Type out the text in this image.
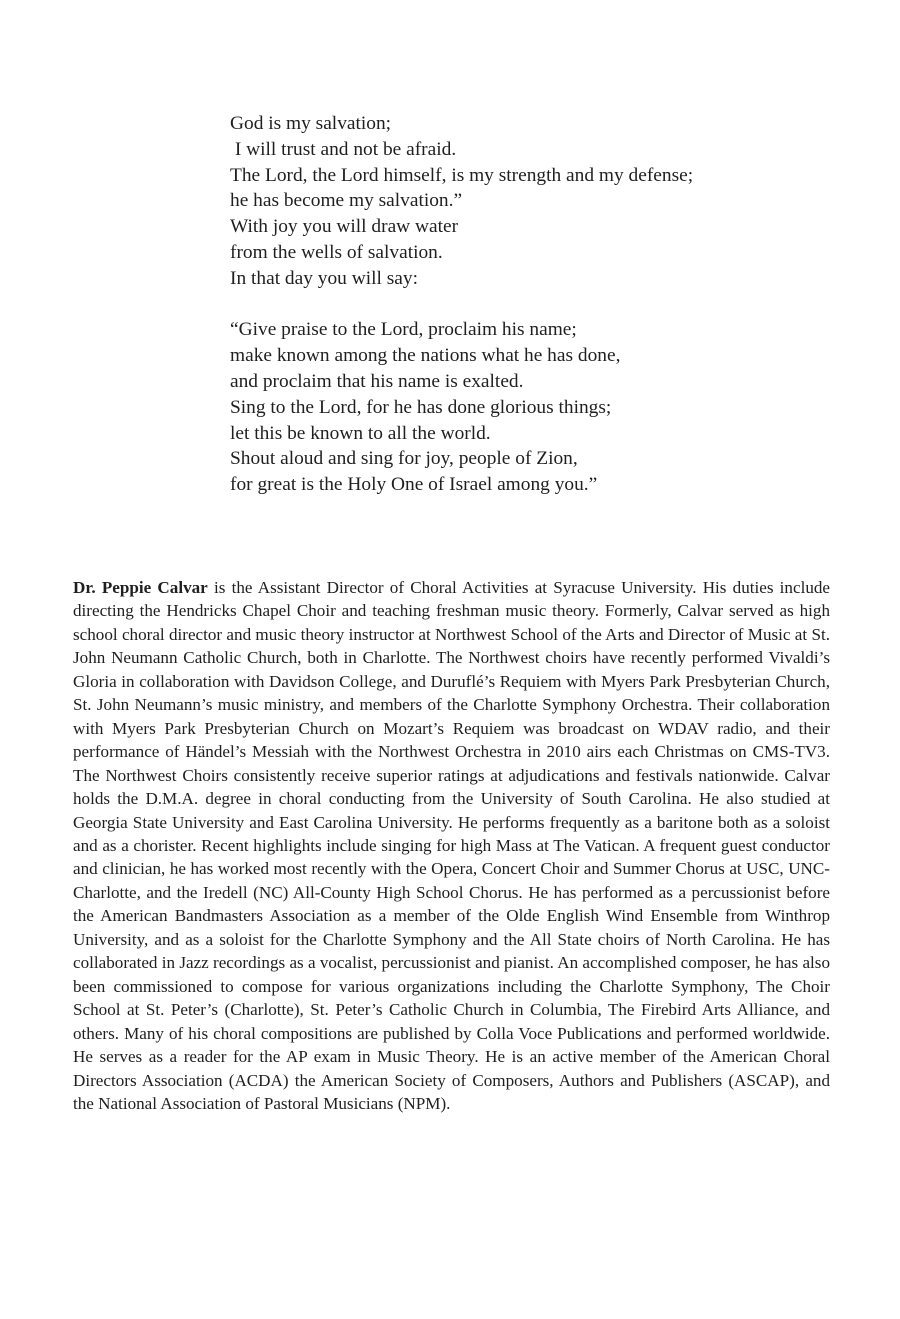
God is my salvation;
I will trust and not be afraid.
The Lord, the Lord himself, is my strength and my defense;
he has become my salvation.”
With joy you will draw water
from the wells of salvation.
In that day you will say:
“Give praise to the Lord, proclaim his name;
make known among the nations what he has done,
and proclaim that his name is exalted.
Sing to the Lord, for he has done glorious things;
let this be known to all the world.
Shout aloud and sing for joy, people of Zion,
for great is the Holy One of Israel among you.”

Dr. Peppie Calvar is the Assistant Director of Choral Activities at Syracuse University. His duties include directing the Hendricks Chapel Choir and teaching freshman music theory. Formerly, Calvar served as high school choral director and music theory instructor at Northwest School of the Arts and Director of Music at St. John Neumann Catholic Church, both in Charlotte. The Northwest choirs have recently performed Vivaldi’s Gloria in collaboration with Davidson College, and Duruflé’s Requiem with Myers Park Presbyterian Church, St. John Neumann’s music ministry, and members of the Charlotte Symphony Orchestra. Their collaboration with Myers Park Presbyterian Church on Mozart’s Requiem was broadcast on WDAV radio, and their performance of Händel’s Messiah with the Northwest Orchestra in 2010 airs each Christmas on CMS-TV3. The Northwest Choirs consistently receive superior ratings at adjudications and festivals nationwide. Calvar holds the D.M.A. degree in choral conducting from the University of South Carolina. He also studied at Georgia State University and East Carolina University. He performs frequently as a baritone both as a soloist and as a chorister. Recent highlights include singing for high Mass at The Vatican. A frequent guest conductor and clinician, he has worked most recently with the Opera, Concert Choir and Summer Chorus at USC, UNC-Charlotte, and the Iredell (NC) All-County High School Chorus. He has performed as a percussionist before the American Bandmasters Association as a member of the Olde English Wind Ensemble from Winthrop University, and as a soloist for the Charlotte Symphony and the All State choirs of North Carolina. He has collaborated in Jazz recordings as a vocalist, percussionist and pianist. An accomplished composer, he has also been commissioned to compose for various organizations including the Charlotte Symphony, The Choir School at St. Peter’s (Charlotte), St. Peter’s Catholic Church in Columbia, The Firebird Arts Alliance, and others. Many of his choral compositions are published by Colla Voce Publications and performed worldwide. He serves as a reader for the AP exam in Music Theory. He is an active member of the American Choral Directors Association (ACDA) the American Society of Composers, Authors and Publishers (ASCAP), and the National Association of Pastoral Musicians (NPM).
